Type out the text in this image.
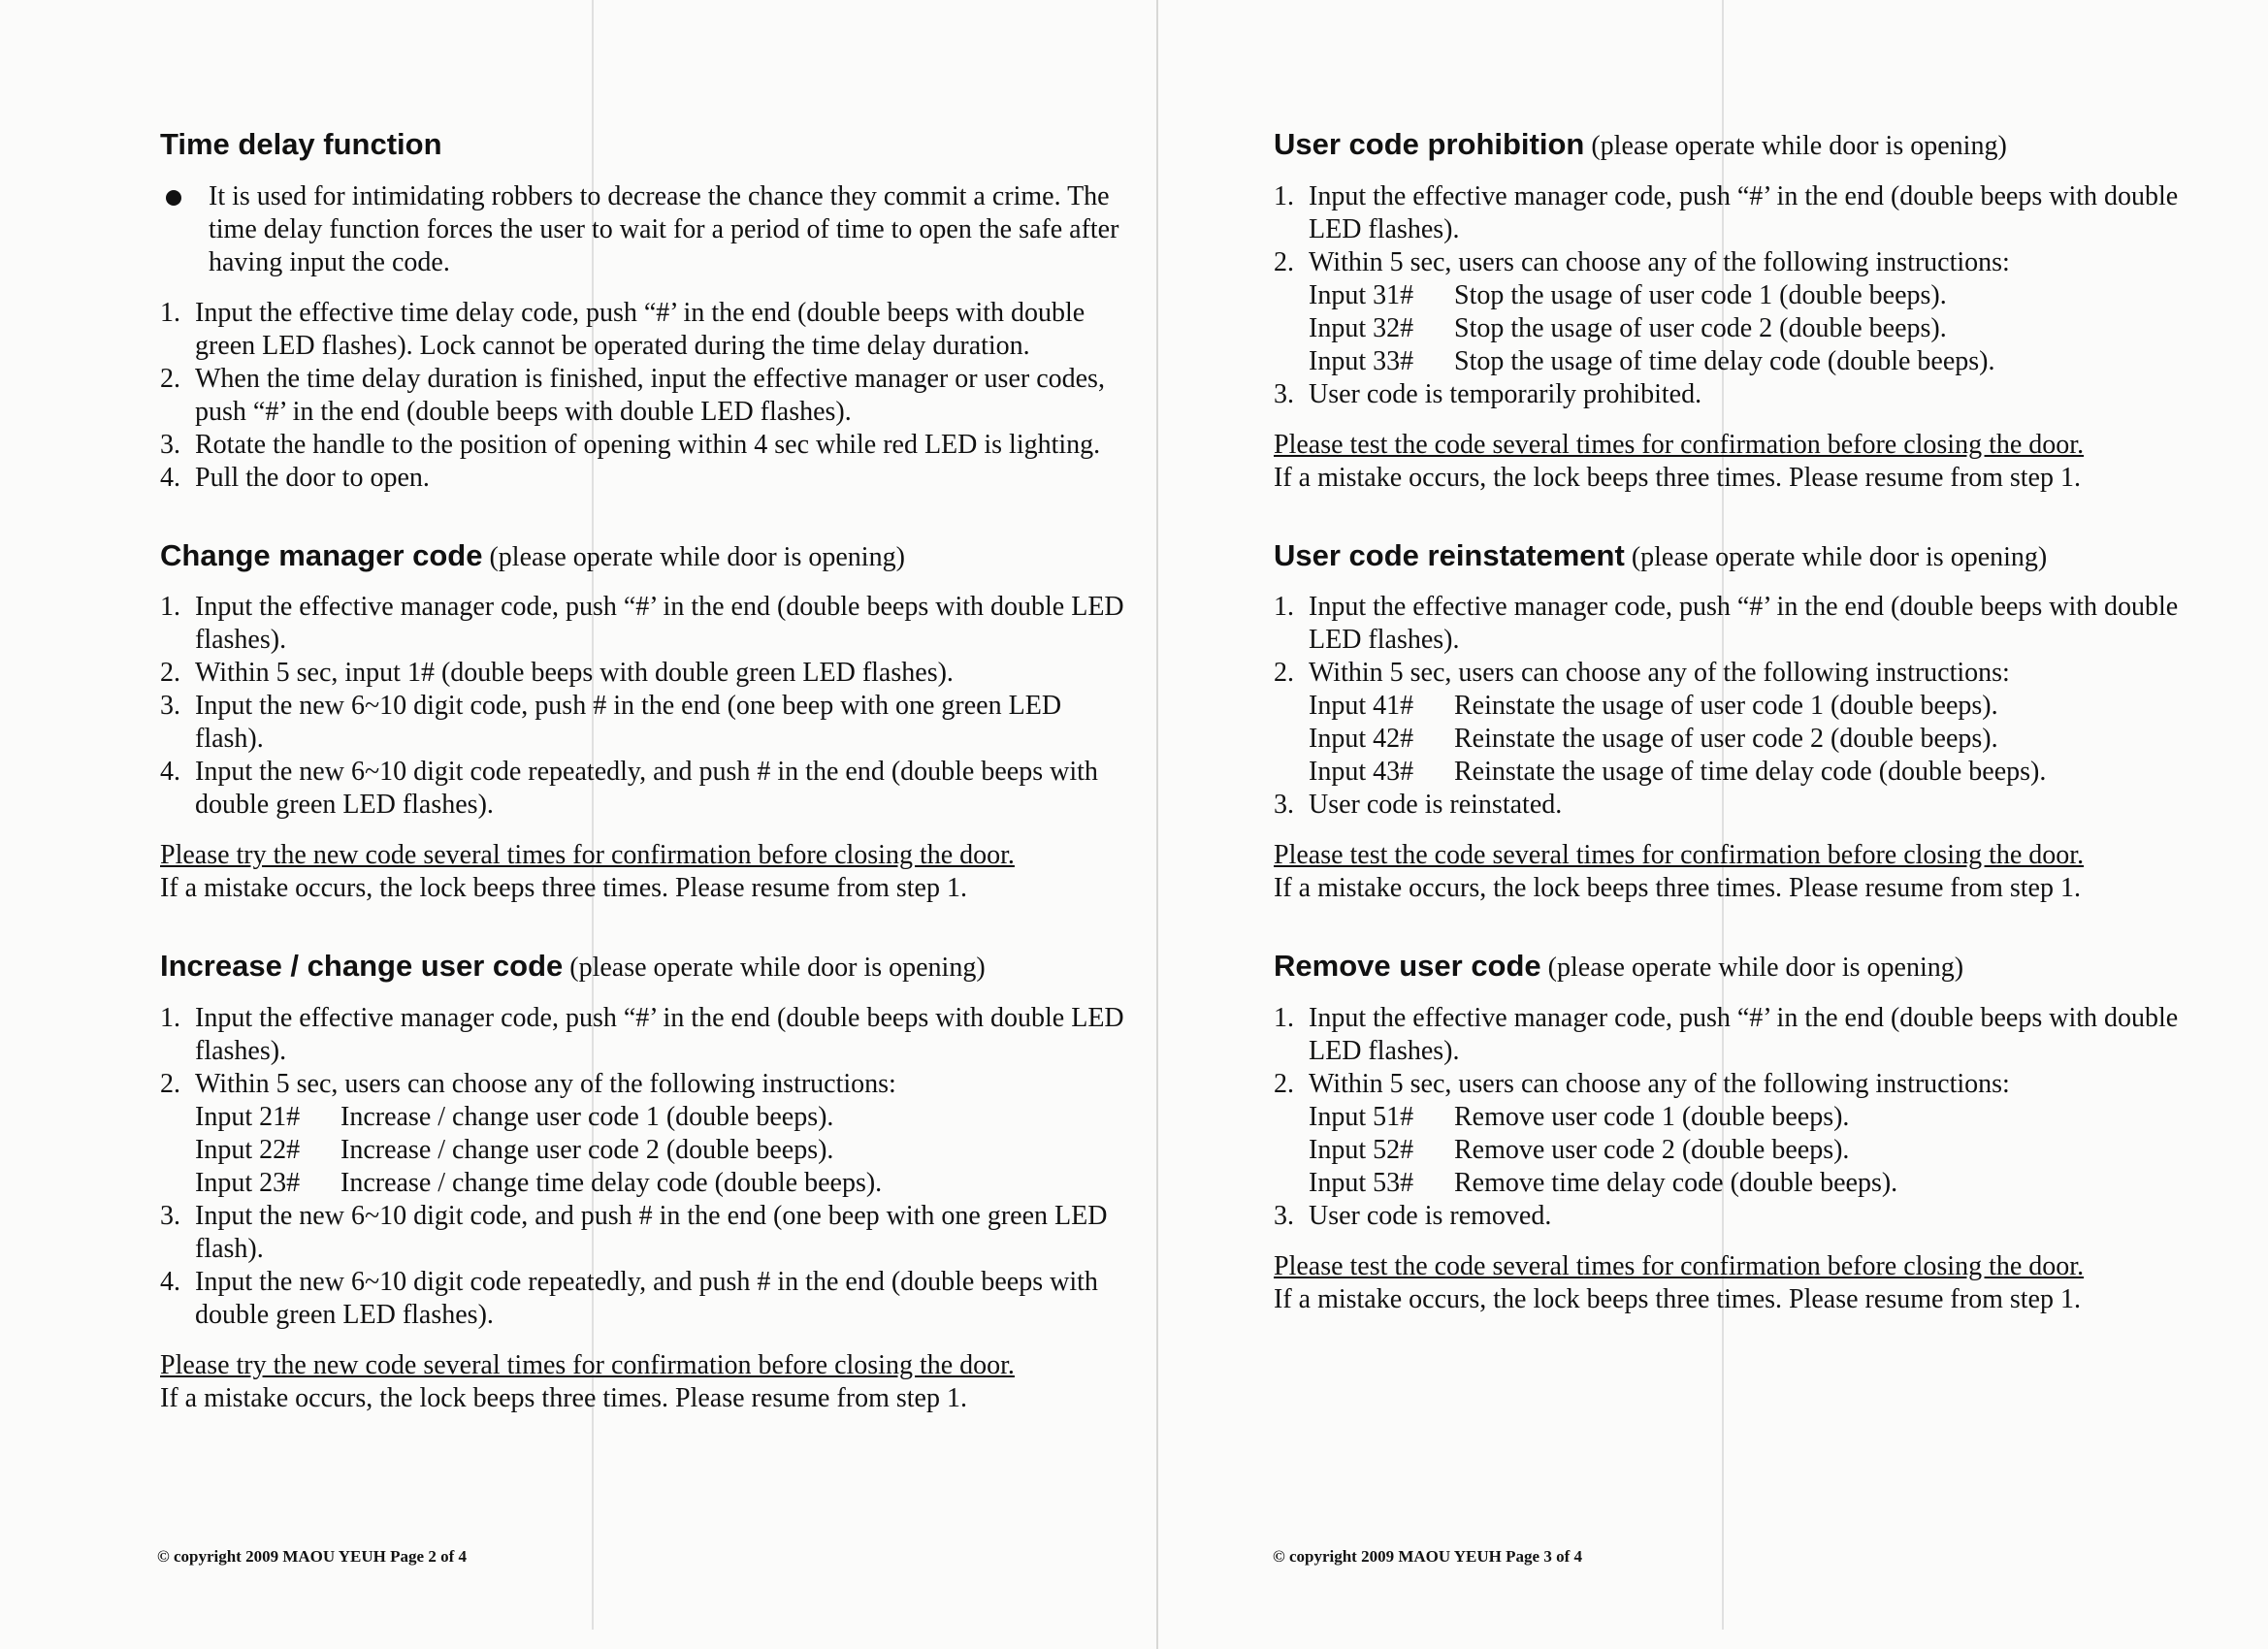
Time delay function
It is used for intimidating robbers to decrease the chance they commit a crime. The time delay function forces the user to wait for a period of time to open the safe after having input the code.
1. Input the effective time delay code, push “#’ in the end (double beeps with double green LED flashes). Lock cannot be operated during the time delay duration.
2. When the time delay duration is finished, input the effective manager or user codes, push “#’ in the end (double beeps with double LED flashes).
3. Rotate the handle to the position of opening within 4 sec while red LED is lighting.
4. Pull the door to open.
Change manager code (please operate while door is opening)
1. Input the effective manager code, push “#’ in the end (double beeps with double LED flashes).
2. Within 5 sec, input 1# (double beeps with double green LED flashes).
3. Input the new 6~10 digit code, push # in the end (one beep with one green LED flash).
4. Input the new 6~10 digit code repeatedly, and push # in the end (double beeps with double green LED flashes).
Please try the new code several times for confirmation before closing the door.
If a mistake occurs, the lock beeps three times. Please resume from step 1.
Increase / change user code (please operate while door is opening)
1. Input the effective manager code, push “#’ in the end (double beeps with double LED flashes).
2. Within 5 sec, users can choose any of the following instructions:
Input 21#	Increase / change user code 1 (double beeps).
Input 22#	Increase / change user code 2 (double beeps).
Input 23#	Increase / change time delay code (double beeps).
3. Input the new 6~10 digit code, and push # in the end (one beep with one green LED flash).
4. Input the new 6~10 digit code repeatedly, and push # in the end (double beeps with double green LED flashes).
Please try the new code several times for confirmation before closing the door.
If a mistake occurs, the lock beeps three times. Please resume from step 1.
© copyright 2009 MAOU YEUH Page 2 of 4
User code prohibition (please operate while door is opening)
1. Input the effective manager code, push “#’ in the end (double beeps with double LED flashes).
2. Within 5 sec, users can choose any of the following instructions:
Input 31#	Stop the usage of user code 1 (double beeps).
Input 32#	Stop the usage of user code 2 (double beeps).
Input 33#	Stop the usage of time delay code (double beeps).
3. User code is temporarily prohibited.
Please test the code several times for confirmation before closing the door.
If a mistake occurs, the lock beeps three times. Please resume from step 1.
User code reinstatement (please operate while door is opening)
1. Input the effective manager code, push “#’ in the end (double beeps with double LED flashes).
2. Within 5 sec, users can choose any of the following instructions:
Input 41#	Reinstate the usage of user code 1 (double beeps).
Input 42#	Reinstate the usage of user code 2 (double beeps).
Input 43#	Reinstate the usage of time delay code (double beeps).
3. User code is reinstated.
Please test the code several times for confirmation before closing the door.
If a mistake occurs, the lock beeps three times. Please resume from step 1.
Remove user code (please operate while door is opening)
1. Input the effective manager code, push “#’ in the end (double beeps with double LED flashes).
2. Within 5 sec, users can choose any of the following instructions:
Input 51#	Remove user code 1 (double beeps).
Input 52#	Remove user code 2 (double beeps).
Input 53#	Remove time delay code (double beeps).
3. User code is removed.
Please test the code several times for confirmation before closing the door.
If a mistake occurs, the lock beeps three times. Please resume from step 1.
© copyright 2009 MAOU YEUH Page 3 of 4
